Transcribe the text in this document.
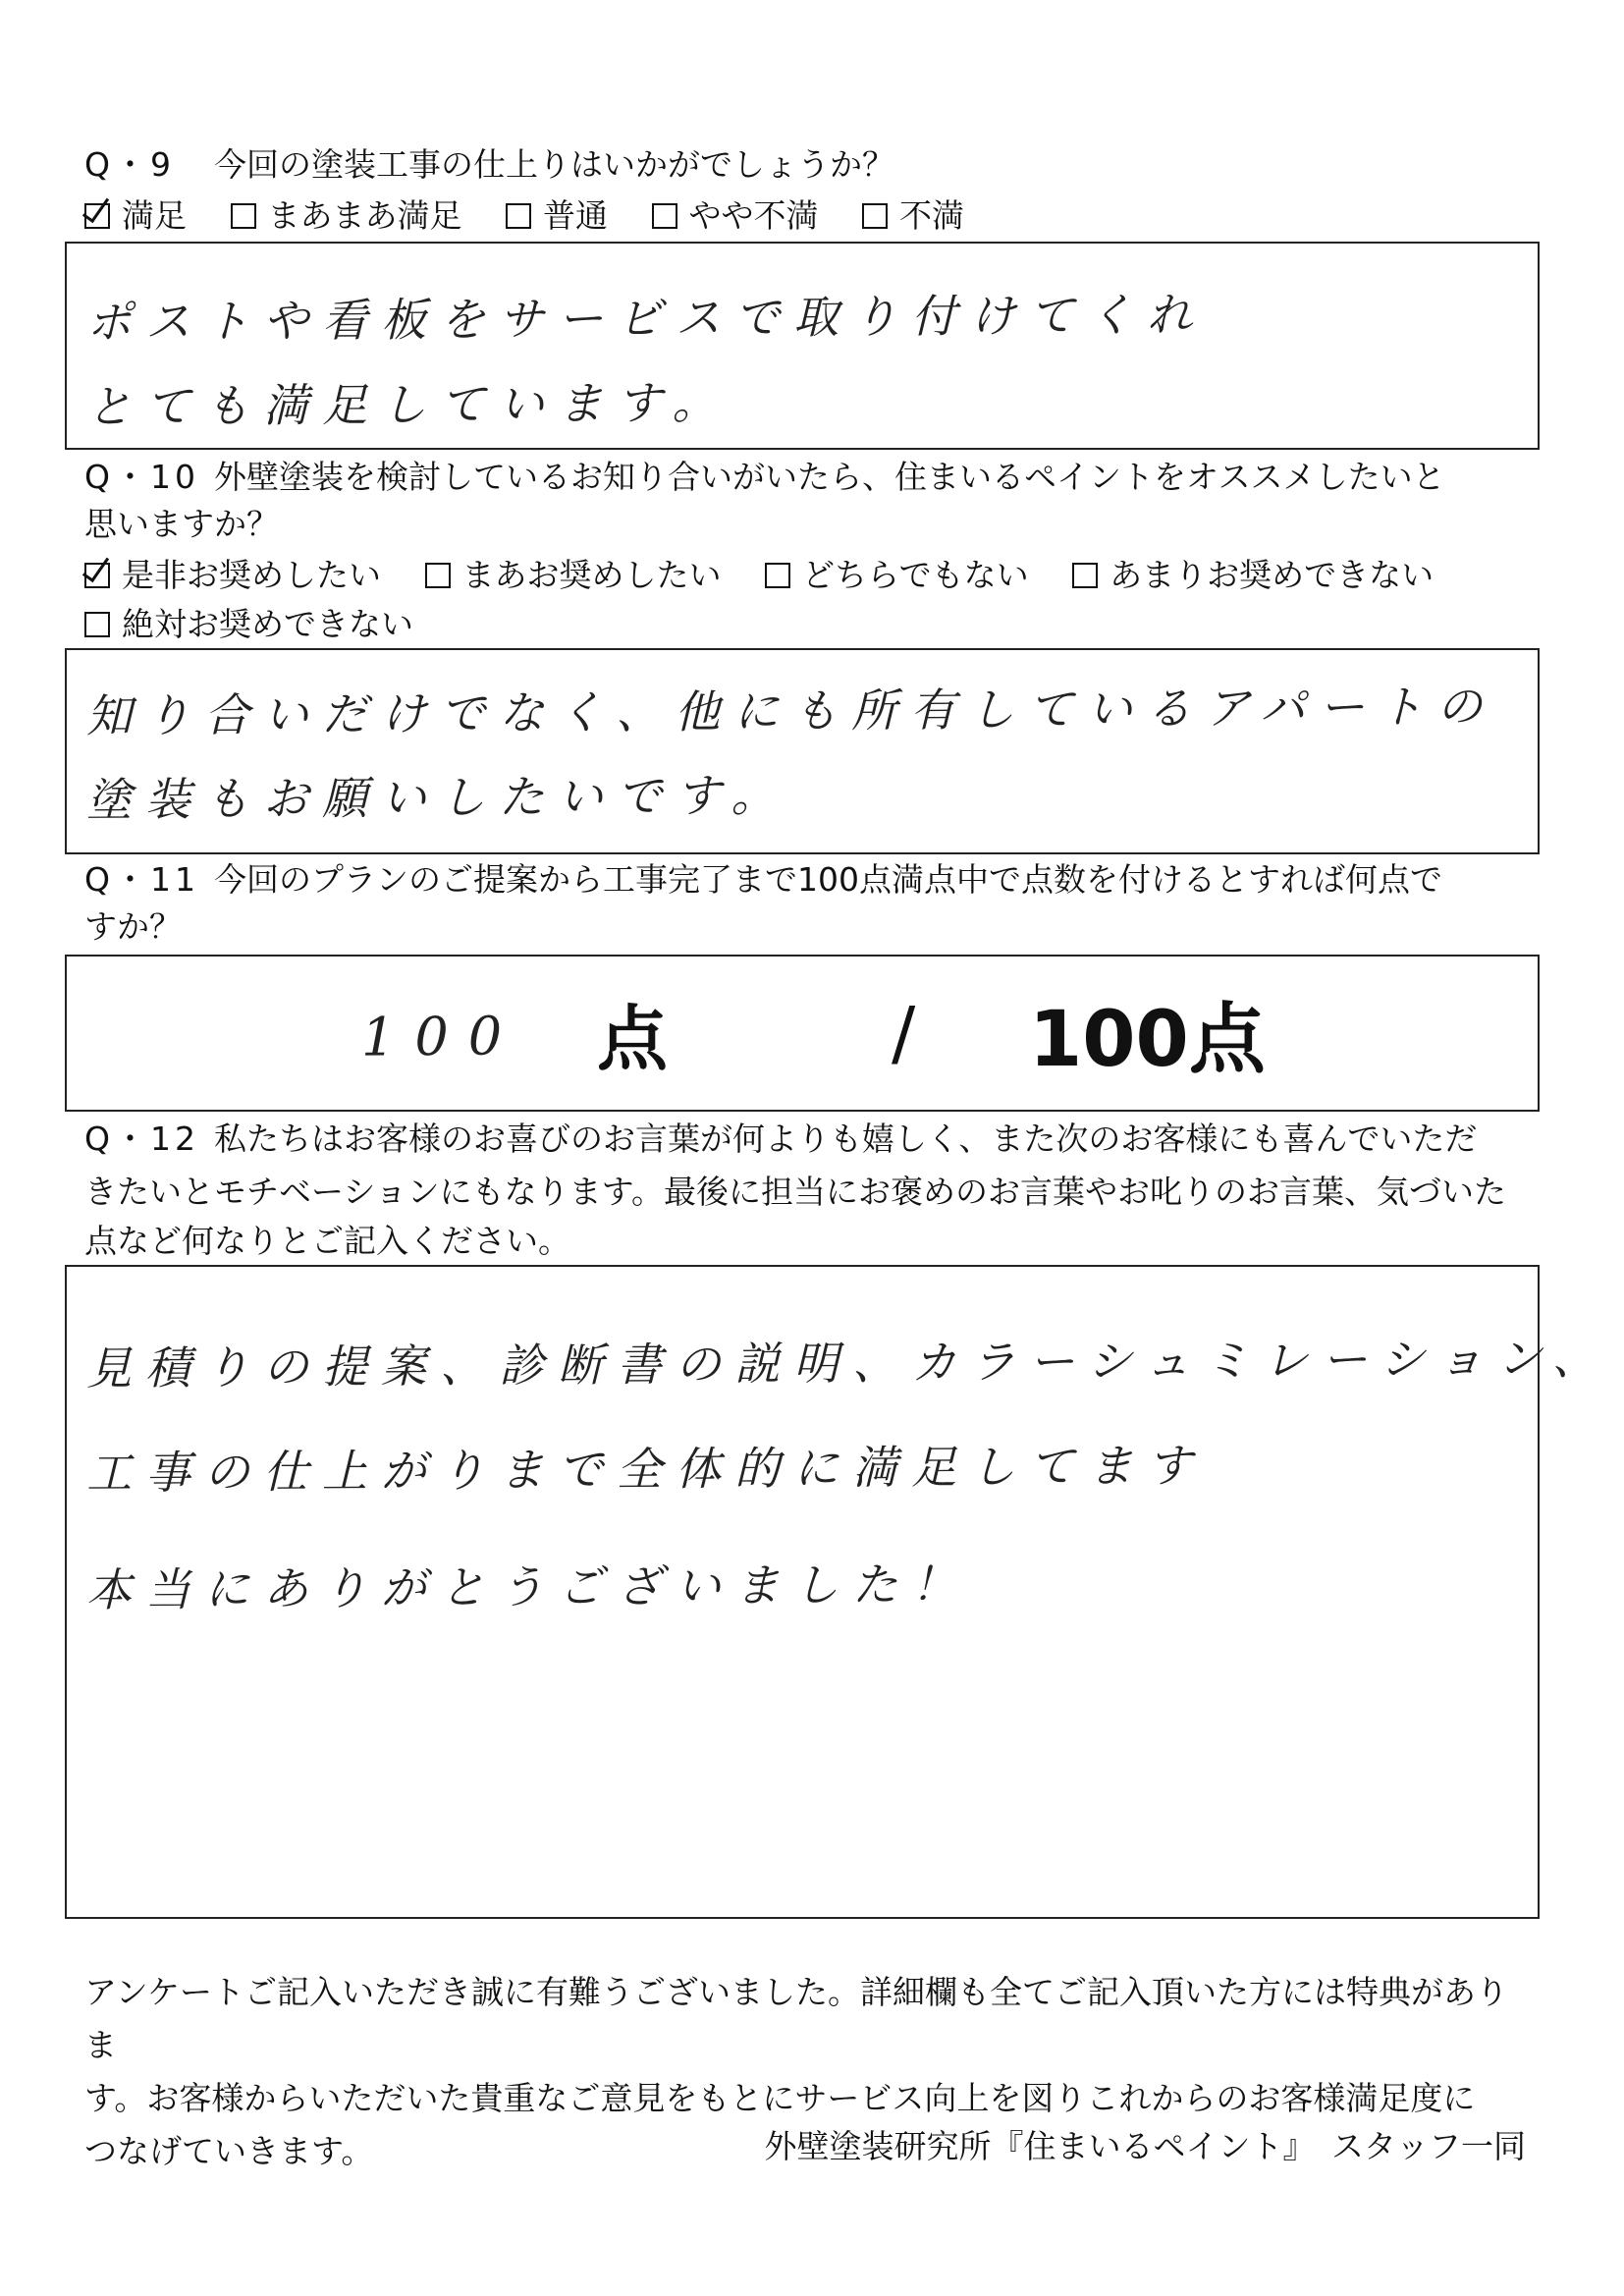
Q・9 今回の塗装工事の仕上りはいかがでしょうか？
満足	まあまあ満足	普通	やや不満	不満
ポストや看板をサービスで取り付けてくれ
とても満足しています。
Q・10 外壁塗装を検討しているお知り合いがいたら、住まいるペイントをオススメしたいと
思いますか？
是非お奨めしたい	まあお奨めしたい	どちらでもない	あまりお奨めできない
絶対お奨めできない
知り合いだけでなく、他にも所有しているアパートの
塗装もお願いしたいです。
Q・11 今回のプランのご提案から工事完了まで100点満点中で点数を付けるとすれば何点で
すか？
100 点	/ 100点
Q・12 私たちはお客様のお喜びのお言葉が何よりも嬉しく、また次のお客様にも喜んでいただ
きたいとモチベーションにもなります。最後に担当にお褒めのお言葉やお叱りのお言葉、気づいた
点など何なりとご記入ください。
見積りの提案、診断書の説明、カラーシュミレーション、
工事の仕上がりまで全体的に満足してます
本当にありがとうございました！
アンケートご記入いただき誠に有難うございました。詳細欄も全てご記入頂いた方には特典がありま
す。お客様からいただいた貴重なご意見をもとにサービス向上を図りこれからのお客様満足度に
つなげていきます。	外壁塗装研究所『住まいるペイント』　スタッフ一同
